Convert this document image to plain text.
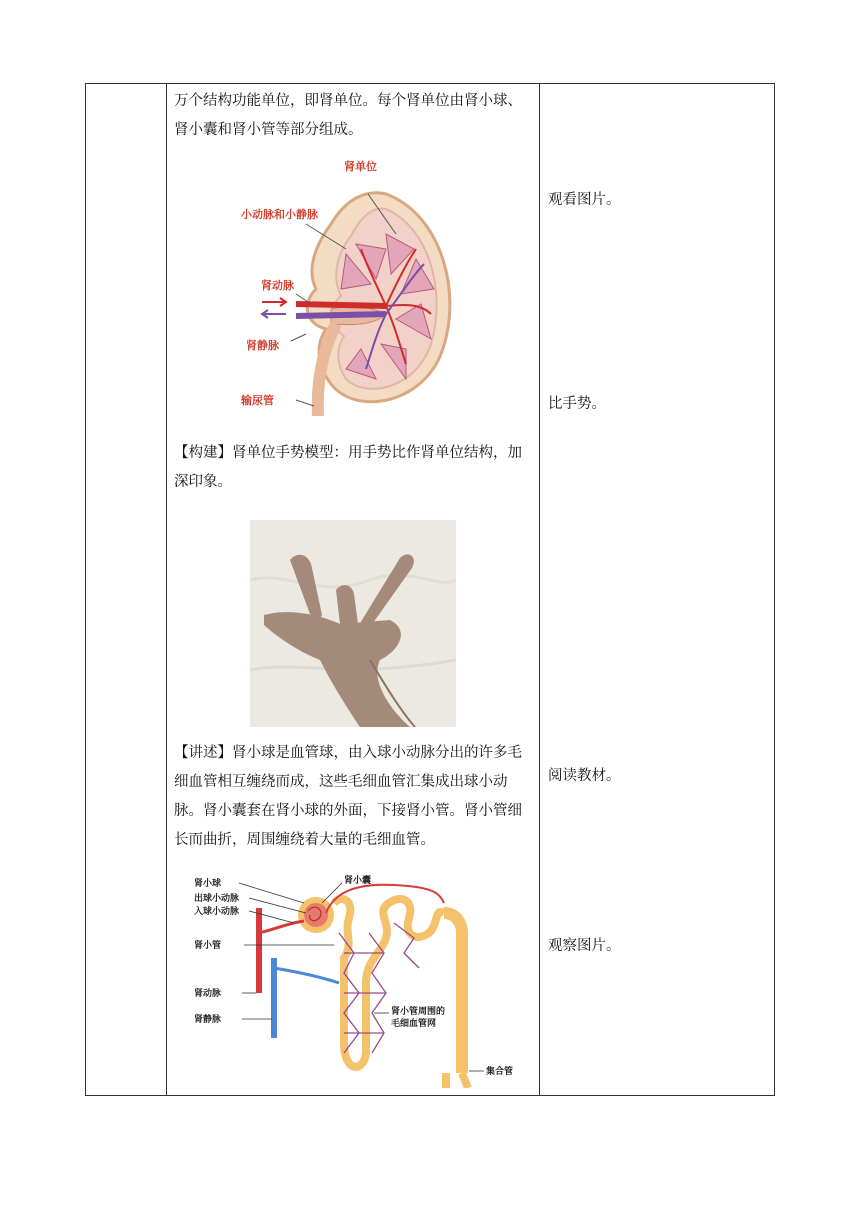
万个结构功能单位，即肾单位。每个肾单位由肾小球、
肾小囊和肾小管等部分组成。
肾单位
小动脉和小静脉
肾动脉
肾静脉
输尿管
【构建】肾单位手势模型：用手势比作肾单位结构，加
深印象。
【讲述】肾小球是血管球，由入球小动脉分出的许多毛
细血管相互缠绕而成，这些毛细血管汇集成出球小动
脉。肾小囊套在肾小球的外面，下接肾小管。肾小管细
长而曲折，周围缠绕着大量的毛细血管。
肾小球
出球小动脉
入球小动脉
肾小管
肾动脉
肾静脉
肾小囊
肾小管周围的
毛细血管网
集合管
观看图片。
比手势。
阅读教材。
观察图片。
